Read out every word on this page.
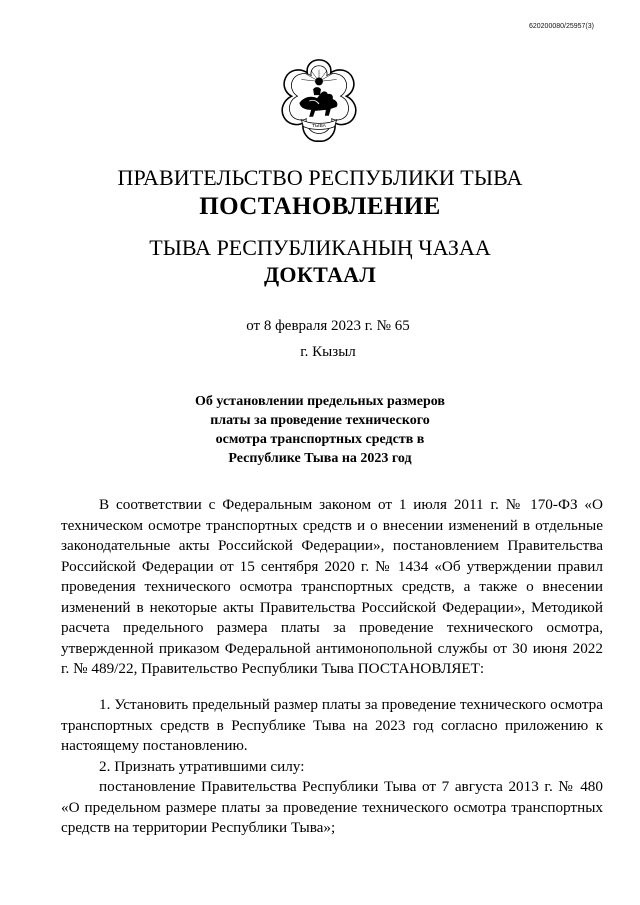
620200080/25957(3)
ТЫВА
ПРАВИТЕЛЬСТВО РЕСПУБЛИКИ ТЫВА
ПОСТАНОВЛЕНИЕ
ТЫВА РЕСПУБЛИКАНЫҢ ЧАЗАА
ДОКТААЛ
от 8 февраля 2023 г. № 65
г. Кызыл
Об установлении предельных размеров
платы за проведение технического
осмотра транспортных средств в
Республике Тыва на 2023 год

В соответствии с Федеральным законом от 1 июля 2011 г. № 170-ФЗ «О техническом осмотре транспортных средств и о внесении изменений в отдельные законодательные акты Российской Федерации», постановлением Правительства Российской Федерации от 15 сентября 2020 г. № 1434 «Об утверждении правил проведения технического осмотра транспортных средств, а также о внесении изменений в некоторые акты Правительства Российской Федерации», Методикой расчета предельного размера платы за проведение технического осмотра, утвержденной приказом Федеральной антимонопольной службы от 30 июня 2022 г. № 489/22, Правительство Республики Тыва ПОСТАНОВЛЯЕТ:

1. Установить предельный размер платы за проведение технического осмотра транспортных средств в Республике Тыва на 2023 год согласно приложению к настоящему постановлению.

2. Признать утратившими силу:

постановление Правительства Республики Тыва от 7 августа 2013 г. № 480 «О предельном размере платы за проведение технического осмотра транспортных средств на территории Республики Тыва»;
